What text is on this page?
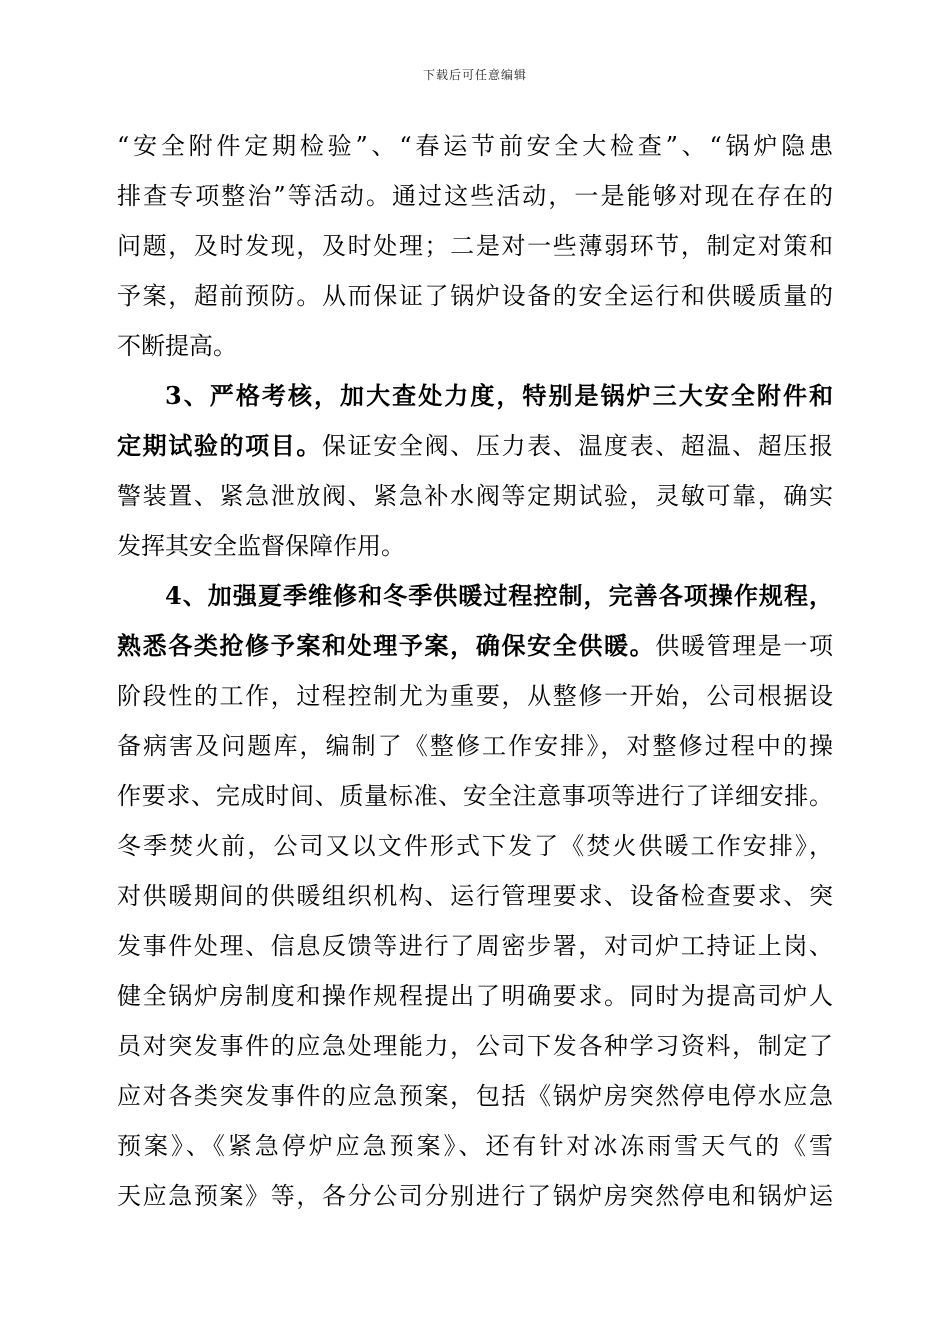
下载后可任意编辑
“安全附件定期检验”、“春运节前安全大检查”、“锅炉隐患
排查专项整治”等活动。通过这些活动，一是能够对现在存在的
问题，及时发现，及时处理；二是对一些薄弱环节，制定对策和
予案，超前预防。从而保证了锅炉设备的安全运行和供暖质量的
不断提高。
3、严格考核，加大查处力度，特别是锅炉三大安全附件和
定期试验的项目。保证安全阀、压力表、温度表、超温、超压报
警装置、紧急泄放阀、紧急补水阀等定期试验，灵敏可靠，确实
发挥其安全监督保障作用。
4、加强夏季维修和冬季供暖过程控制，完善各项操作规程，
熟悉各类抢修予案和处理予案，确保安全供暖。供暖管理是一项
阶段性的工作，过程控制尤为重要，从整修一开始，公司根据设
备病害及问题库，编制了《整修工作安排》，对整修过程中的操
作要求、完成时间、质量标准、安全注意事项等进行了详细安排。
冬季焚火前，公司又以文件形式下发了《焚火供暖工作安排》，
对供暖期间的供暖组织机构、运行管理要求、设备检查要求、突
发事件处理、信息反馈等进行了周密步署，对司炉工持证上岗、
健全锅炉房制度和操作规程提出了明确要求。同时为提高司炉人
员对突发事件的应急处理能力，公司下发各种学习资料，制定了
应对各类突发事件的应急预案，包括《锅炉房突然停电停水应急
预案》、《紧急停炉应急预案》、还有针对冰冻雨雪天气的《雪
天应急预案》等，各分公司分别进行了锅炉房突然停电和锅炉运
